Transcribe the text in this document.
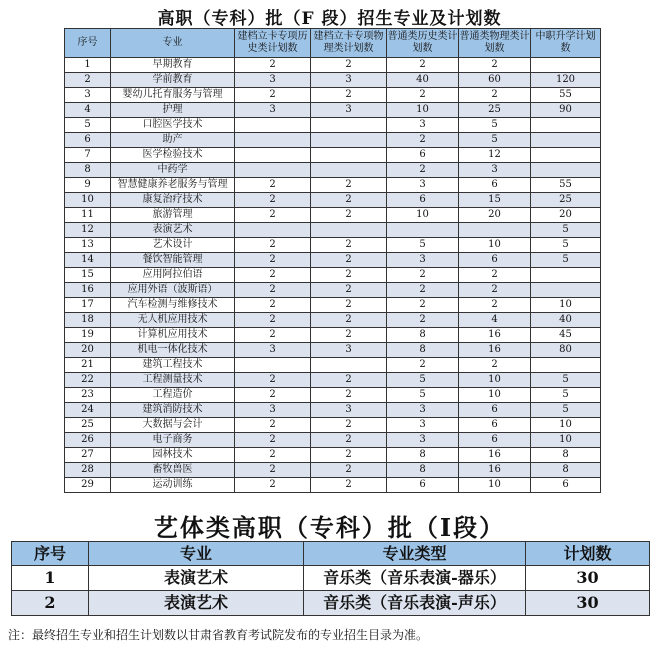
高职（专科）批（F 段）招生专业及计划数
序号	专业	建档立卡专项历史类计划数	建档立卡专项物理类计划数	普通类历史类计划数	普通类物理类计划数	中职升学计划数
1	早期教育	2	2	2	2	
2	学前教育	3	3	40	60	120
3	婴幼儿托育服务与管理	2	2	2	2	55
4	护理	3	3	10	25	90
5	口腔医学技术			3	5	
6	助产			2	5	
7	医学检验技术			6	12	
8	中药学			2	3	
9	智慧健康养老服务与管理	2	2	3	6	55
10	康复治疗技术	2	2	6	15	25
11	旅游管理	2	2	10	20	20
12	表演艺术					5
13	艺术设计	2	2	5	10	5
14	餐饮智能管理	2	2	3	6	5
15	应用阿拉伯语	2	2	2	2	
16	应用外语（波斯语）	2	2	2	2	
17	汽车检测与维修技术	2	2	2	2	10
18	无人机应用技术	2	2	2	4	40
19	计算机应用技术	2	2	8	16	45
20	机电一体化技术	3	3	8	16	80
21	建筑工程技术			2	2	
22	工程测量技术	2	2	5	10	5
23	工程造价	2	2	5	10	5
24	建筑消防技术	3	3	3	6	5
25	大数据与会计	2	2	3	6	10
26	电子商务	2	2	3	6	10
27	园林技术	2	2	8	16	8
28	畜牧兽医	2	2	8	16	8
29	运动训练	2	2	6	10	6
艺体类高职（专科）批（I段）
序号	专业	专业类型	计划数
1	表演艺术	音乐类（音乐表演-器乐）	30
2	表演艺术	音乐类（音乐表演-声乐）	30
注：最终招生专业和招生计划数以甘肃省教育考试院发布的专业招生目录为准。
